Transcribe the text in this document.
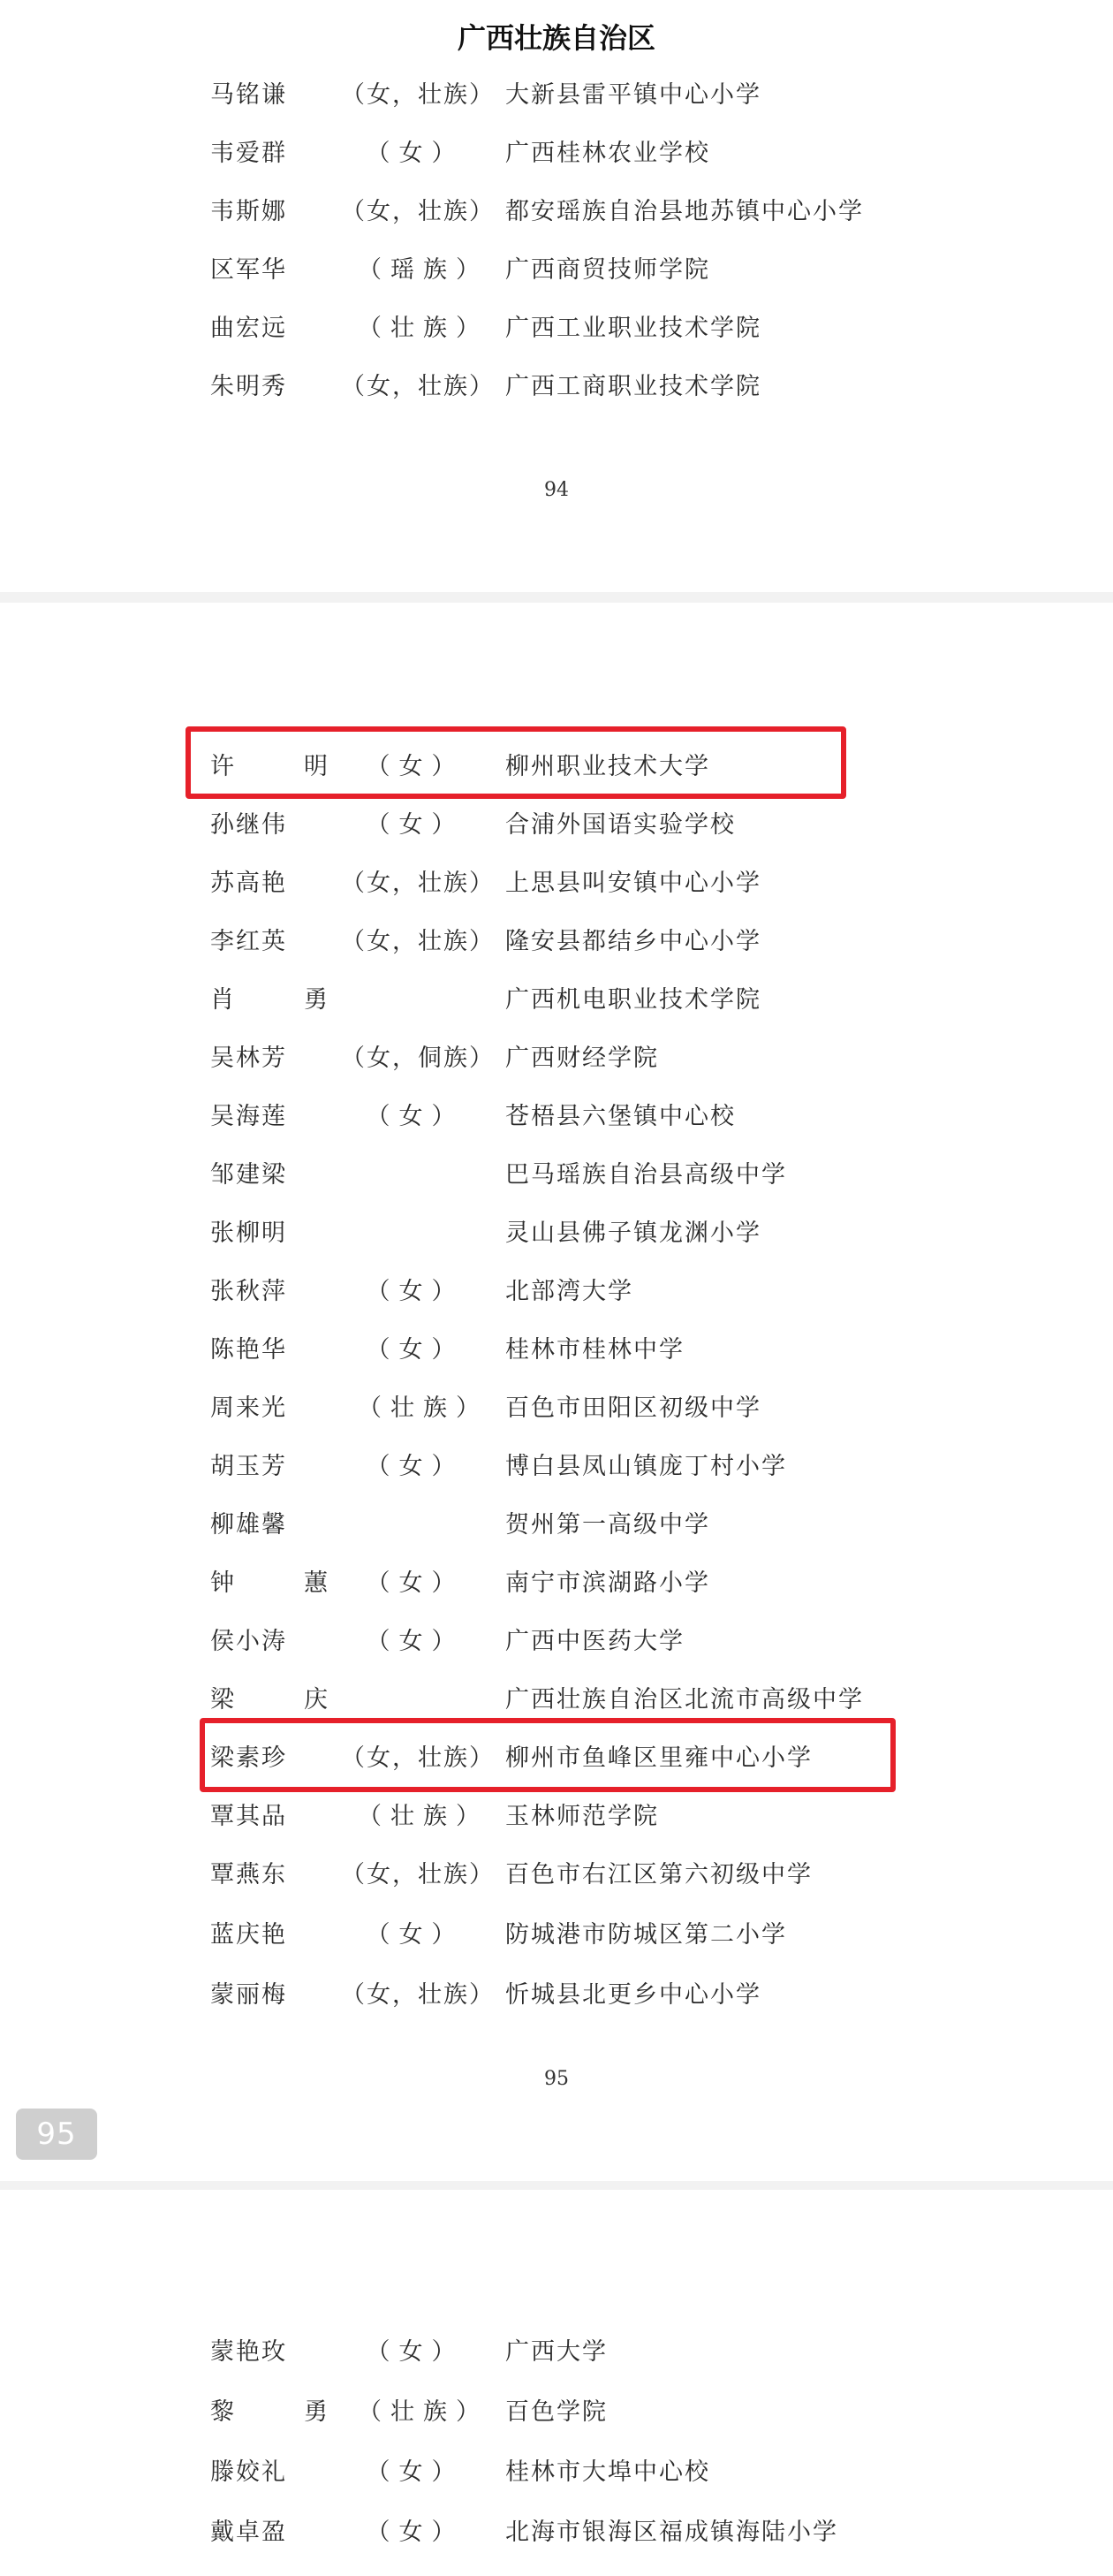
广西壮族自治区
马铭谦	（女，壮族） 大新县雷平镇中心小学
韦爱群	（女）	广西桂林农业学校
韦斯娜	（女，壮族） 都安瑶族自治县地苏镇中心小学
区军华	（瑶族） 广西商贸技师学院
曲宏远	（壮族） 广西工业职业技术学院
朱明秀	（女，壮族） 广西工商职业技术学院
94
许　明 （女）	柳州职业技术大学
孙继伟	（女）	合浦外国语实验学校
苏高艳	（女，壮族） 上思县叫安镇中心小学
李红英	（女，壮族） 隆安县都结乡中心小学
肖　勇	广西机电职业技术学院
吴林芳	（女，侗族） 广西财经学院
吴海莲	（女）	苍梧县六堡镇中心校
邹建梁	巴马瑶族自治县高级中学
张柳明	灵山县佛子镇龙渊小学
张秋萍	（女）	北部湾大学
陈艳华	（女）	桂林市桂林中学
周来光	（壮族） 百色市田阳区初级中学
胡玉芳	（女）	博白县凤山镇庞丁村小学
柳雄馨	贺州第一高级中学
钟　蕙 （女）	南宁市滨湖路小学
侯小涛	（女）	广西中医药大学
梁　庆	广西壮族自治区北流市高级中学
梁素珍	（女，壮族） 柳州市鱼峰区里雍中心小学
覃其品	（壮族） 玉林师范学院
覃燕东	（女，壮族） 百色市右江区第六初级中学
蓝庆艳	（女）	防城港市防城区第二小学
蒙丽梅	（女，壮族） 忻城县北更乡中心小学
95
95
蒙艳玫	（女）	广西大学
黎　勇 （壮族） 百色学院
滕姣礼	（女）	桂林市大埠中心校
戴卓盈	（女）	北海市银海区福成镇海陆小学
